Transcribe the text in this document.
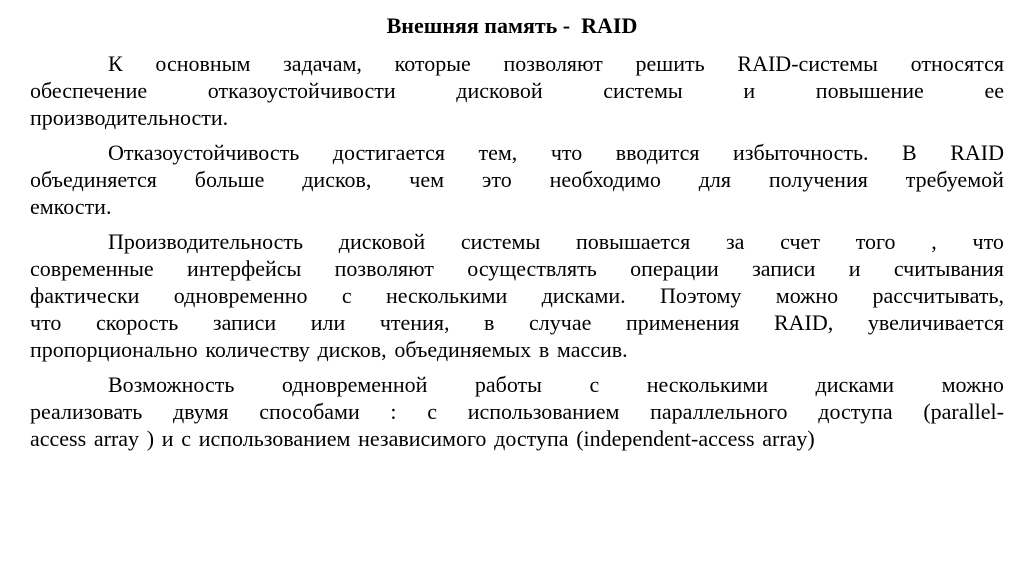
Внешняя память -  RAID
К основным задачам, которые позволяют решить RAID-системы относятся
обеспечение	отказоустойчивости	дисковой	системы	и	повышение	ее
производительности.
Отказоустойчивость достигается тем, что вводится избыточность. В RAID
объединяется больше дисков, чем это необходимо для получения требуемой
емкости.
Производительность дисковой системы повышается за счет того , что
современные интерфейсы позволяют осуществлять операции записи и считывания
фактически одновременно с несколькими дисками. Поэтому можно рассчитывать,
что скорость записи или чтения, в случае применения RAID, увеличивается
пропорционально количеству дисков, объединяемых в массив.
Возможность одновременной работы с несколькими дисками можно
реализовать двумя способами : с использованием параллельного доступа (parallel-
access array ) и с использованием независимого доступа (independent-access array)
